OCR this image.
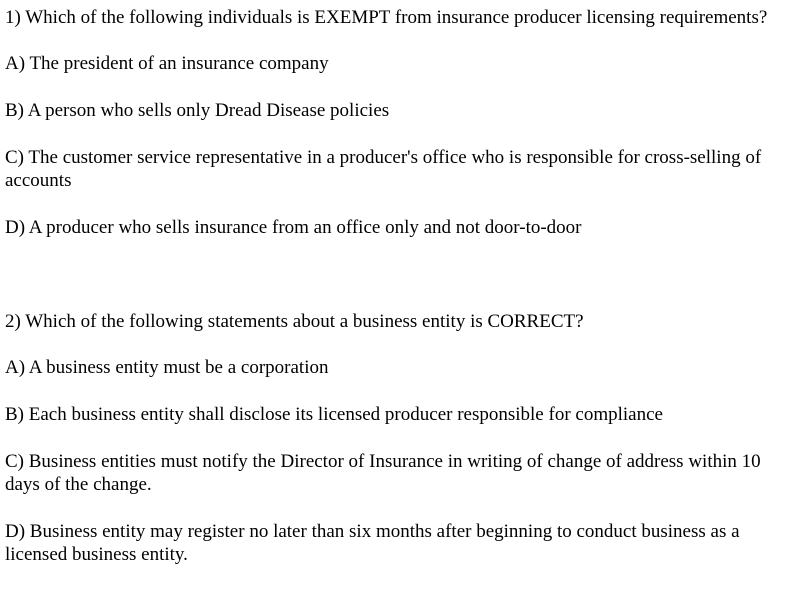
1) Which of the following individuals is EXEMPT from insurance producer licensing requirements?

A) The president of an insurance company

B) A person who sells only Dread Disease policies

C) The customer service representative in a producer's office who is responsible for cross-selling of accounts

D) A producer who sells insurance from an office only and not door-to-door

2) Which of the following statements about a business entity is CORRECT?

A) A business entity must be a corporation

B) Each business entity shall disclose its licensed producer responsible for compliance

C) Business entities must notify the Director of Insurance in writing of change of address within 10 days of the change.

D) Business entity may register no later than six months after beginning to conduct business as a licensed business entity.
